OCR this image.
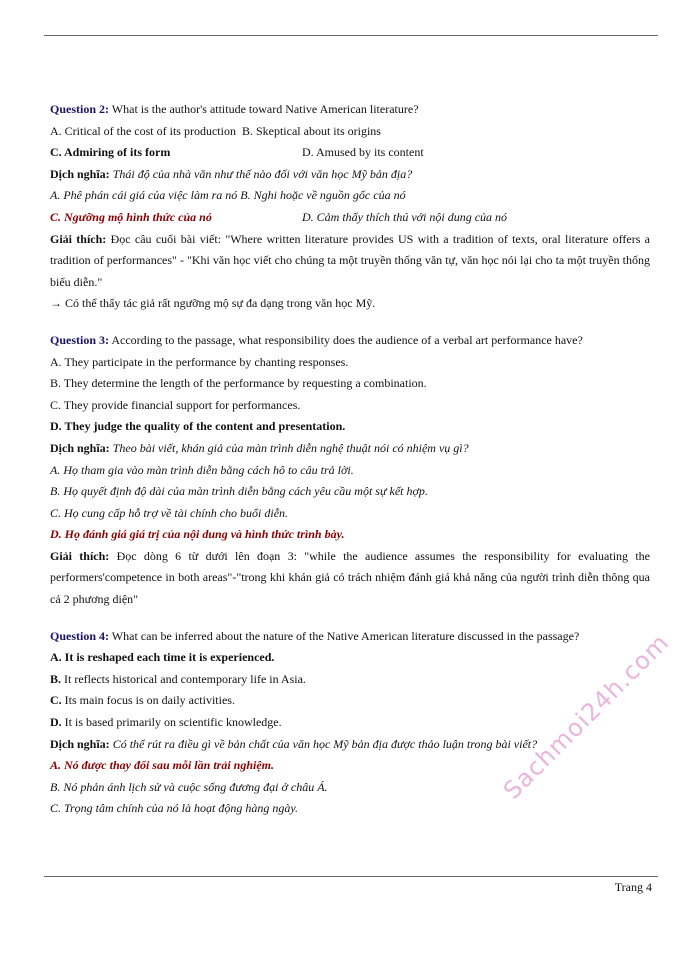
Question 2: What is the author's attitude toward Native American literature?

A. Critical of the cost of its production
B. Skeptical about its origins
C. Admiring of its form	D. Amused by its content

Dịch nghĩa: Thái độ của nhà văn như thế nào đối với văn học Mỹ bản địa?

A. Phê phán cái giá của việc làm ra nó B. Nghi hoặc về nguồn gốc của nó

C. Ngưỡng mộ hình thức của nó	D. Cảm thấy thích thú với nội dung của nó

Giải thích: Đọc câu cuối bài viết: "Where written literature provides US with a tradition of texts, oral literature offers a tradition of performances" - "Khi văn học viết cho chúng ta một truyền thống văn tự, văn học nói lại cho ta một truyền thống biểu diễn."

→ Có thể thấy tác giả rất ngưỡng mộ sự đa dạng trong văn học Mỹ.

Question 3: According to the passage, what responsibility does the audience of a verbal art performance have?

A. They participate in the performance by chanting responses.

B. They determine the length of the performance by requesting a combination.

C. They provide financial support for performances.

D. They judge the quality of the content and presentation.

Dịch nghĩa: Theo bài viết, khán giả của màn trình diễn nghệ thuật nói có nhiệm vụ gì?

A. Họ tham gia vào màn trình diễn bằng cách hô to câu trả lời.

B. Họ quyết định độ dài của màn trình diễn bằng cách yêu cầu một sự kết hợp.

C. Họ cung cấp hỗ trợ về tài chính cho buổi diễn.

D. Họ đánh giá giá trị của nội dung và hình thức trình bày.

Giải thích: Đọc dòng 6 từ dưới lên đoạn 3: "while the audience assumes the responsibility for evaluating the performers'competence in both areas"-"trong khi khán giả có trách nhiệm đánh giá khả năng của người trình diễn thông qua cả 2 phương diện"

Question 4: What can be inferred about the nature of the Native American literature discussed in the passage?

A. It is reshaped each time it is experienced.

B. It reflects historical and contemporary life in Asia.

C. Its main focus is on daily activities.

D. It is based primarily on scientific knowledge.

Dịch nghĩa: Có thể rút ra điều gì về bản chất của văn học Mỹ bản địa được thảo luận trong bài viết?

A. Nó được thay đổi sau mỗi lần trải nghiệm.

B. Nó phản ánh lịch sử và cuộc sống đương đại ở châu Á.

C. Trọng tâm chính của nó là hoạt động hàng ngày.

Sachmoi24h.com
Trang 4
